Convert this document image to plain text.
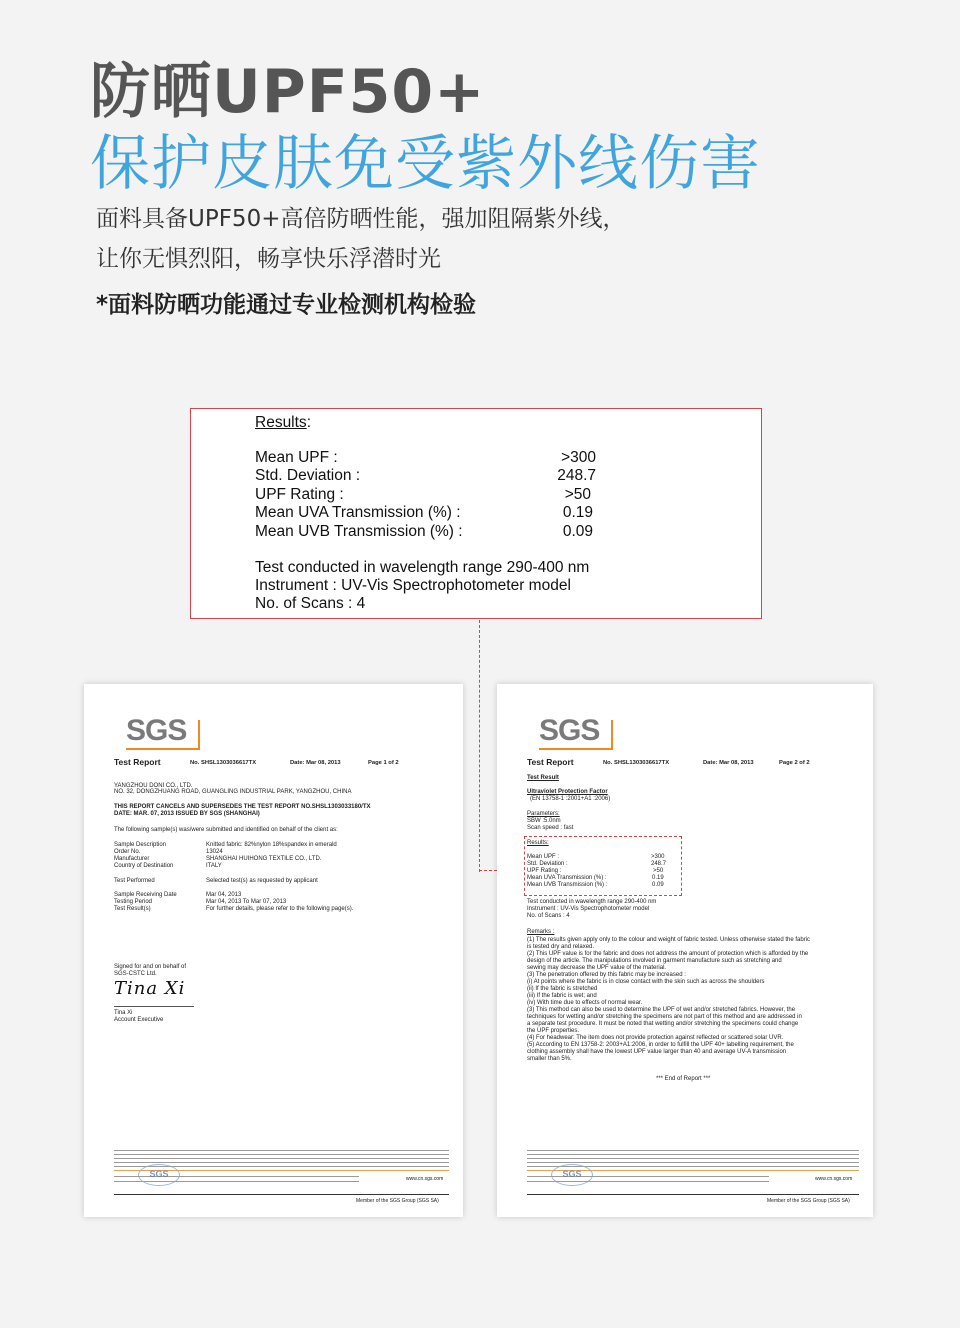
防晒UPF50+
保护皮肤免受紫外线伤害
面料具备UPF50+高倍防晒性能，强加阻隔紫外线，
让你无惧烈阳，畅享快乐浮潜时光
*面料防晒功能通过专业检测机构检验
Results:
Mean UPF :	>300
Std. Deviation :	248.7
UPF Rating :	>50
Mean UVA Transmission (%) :	0.19
Mean UVB Transmission (%) :	0.09
Test conducted in wavelength range 290-400 nm
Instrument : UV-Vis Spectrophotometer model
No. of Scans : 4
SGS
Test Report	No. SHSL1303036617TX	Date: Mar 08, 2013	Page 1 of 2
YANGZHOU DONI CO., LTD.
NO. 32, DONGZHUANG ROAD, GUANGLING INDUSTRIAL PARK, YANGZHOU, CHINA
THIS REPORT CANCELS AND SUPERSEDES THE TEST REPORT NO.SHSL1303033180/TX
DATE: MAR. 07, 2013 ISSUED BY SGS (SHANGHAI)
The following sample(s) was/were submitted and identified on behalf of the client as:
Sample Description	Knitted fabric: 82%nylon 18%spandex in emerald
Order No.	13024
Manufacturer	SHANGHAI HUIHONG TEXTILE CO., LTD.
Country of Destination	ITALY
Test Performed	Selected test(s) as requested by applicant
Sample Receiving Date	Mar 04, 2013
Testing Period	Mar 04, 2013 To Mar 07, 2013
Test Result(s)	For further details, please refer to the following page(s).
Signed for and on behalf of
SGS-CSTC Ltd.
Tina Xi
Tina Xi
Account Executive
SGS	www.cn.sgs.com
Member of the SGS Group (SGS SA)
SGS
Test Report	No. SHSL1303036617TX	Date: Mar 08, 2013	Page 2 of 2
Test Result
Ultraviolet Protection Factor
(EN 13758-1 :2001+A1 :2006)
Parameters:
SBW :5.0nm
Scan speed : fast
Results:
Mean UPF :	>300
Std. Deviation :	248.7
UPF Rating :	>50
Mean UVA Transmission (%) :	0.19
Mean UVB Transmission (%) :	0.09
Test conducted in wavelength range 290-400 nm
Instrument : UV-Vis Spectrophotometer model
No. of Scans : 4
Remarks :
(1) The results given apply only to the colour and weight of fabric tested. Unless otherwise stated the fabric
is tested dry and relaxed.
(2) This UPF value is for the fabric and does not address the amount of protection which is afforded by the
design of the article. The manipulations involved in garment manufacture such as stretching and
sewing may decrease the UPF value of the material.
(3) The penetration offered by this fabric may be increased :
(i) At points where the fabric is in close contact with the skin such as across the shoulders
(ii) If the fabric is stretched
(iii) If the fabric is wet; and
(iv) With time due to effects of normal wear.
(3) This method can also be used to determine the UPF of wet and/or stretched fabrics. However, the
techniques for wetting and/or stretching the specimens are not part of this method and are addressed in
a separate test procedure. It must be noted that wetting and/or stretching the specimens could change
the UPF properties.
(4) For headwear: The item does not provide protection against reflected or scattered solar UVR.
(5) According to EN 13758-2: 2003+A1:2006, in order to fulfill the UPF 40+ labelling requirement, the
clothing assembly shall have the lowest UPF value larger than 40 and average UV-A transmission
smaller than 5%.
*** End of Report ***
SGS	www.cn.sgs.com
Member of the SGS Group (SGS SA)
